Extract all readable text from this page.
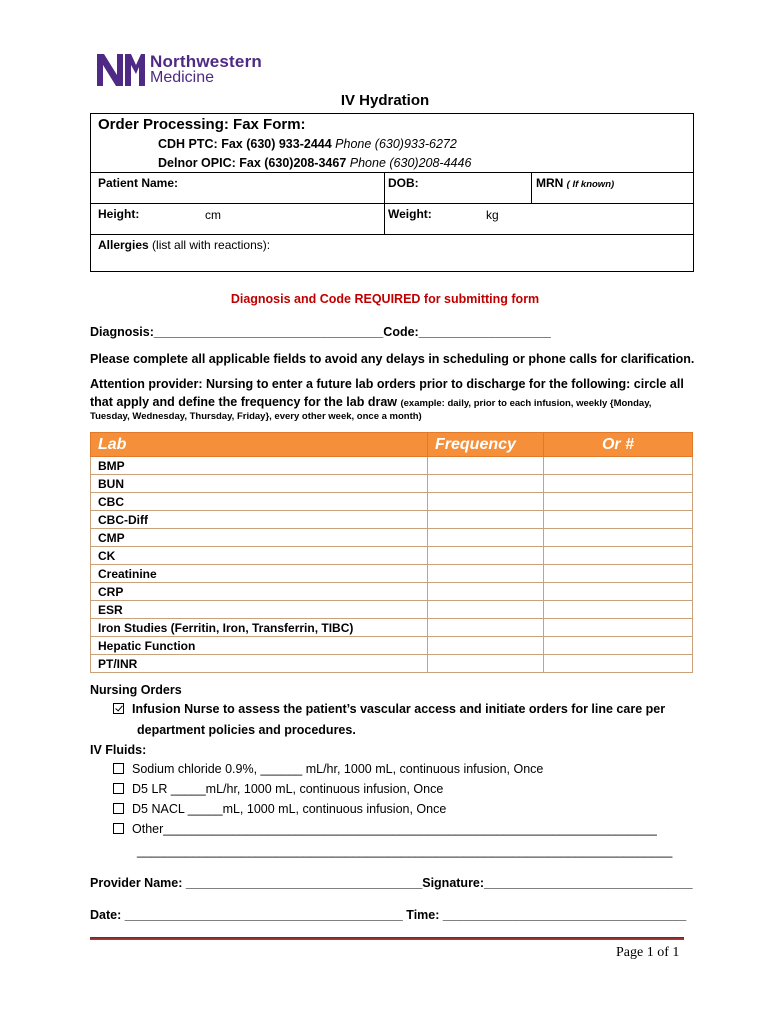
Northwestern
Medicine
IV Hydration
Order Processing: Fax Form:
CDH PTC: Fax (630) 933-2444 Phone (630)933-6272
Delnor OPIC: Fax (630)208-3467 Phone (630)208-4446
Patient Name:	DOB:	MRN ( If known)
Height:	cm	Weight:	kg
Allergies (list all with reactions):
Diagnosis and Code REQUIRED for submitting form
Diagnosis:_________________________________Code:___________________
Please complete all applicable fields to avoid any delays in scheduling or phone calls for clarification.
Attention provider: Nursing to enter a future lab orders prior to discharge for the following: circle all
that apply and define the frequency for the lab draw (example: daily, prior to each infusion, weekly {Monday,
Tuesday, Wednesday, Thursday, Friday}, every other week, once a month)
Lab	Frequency	Or #
BMP		
BUN		
CBC		
CBC-Diff		
CMP		
CK		
Creatinine		
CRP		
ESR		
Iron Studies (Ferritin, Iron, Transferrin, TIBC)		
Hepatic Function		
PT/INR		
Nursing Orders
Infusion Nurse to assess the patient’s vascular access and initiate orders for line care per
department policies and procedures.
IV Fluids:
Sodium chloride 0.9%, ______ mL/hr, 1000 mL, continuous infusion, Once
D5 LR _____mL/hr, 1000 mL, continuous infusion, Once
D5 NACL _____mL, 1000 mL, continuous infusion, Once
Other_______________________________________________________________________
_____________________________________________________________________________
Provider Name: __________________________________Signature:______________________________
Date: ________________________________________ Time: ___________________________________
Page 1 of 1
